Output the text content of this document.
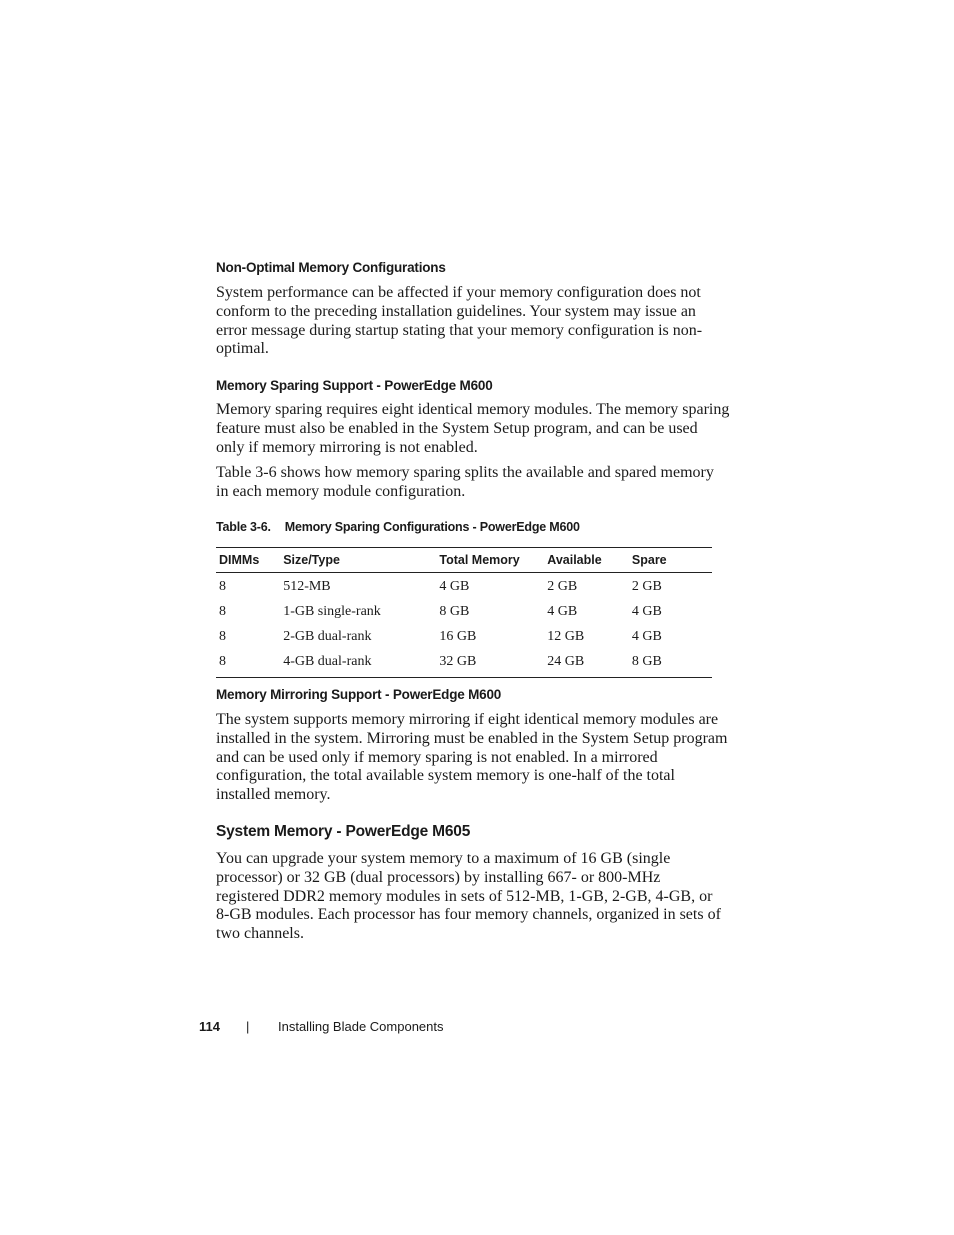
Non-Optimal Memory Configurations
System performance can be affected if your memory configuration does not
conform to the preceding installation guidelines. Your system may issue an
error message during startup stating that your memory configuration is non-
optimal.
Memory Sparing Support - PowerEdge M600
Memory sparing requires eight identical memory modules. The memory sparing
feature must also be enabled in the System Setup program, and can be used
only if memory mirroring is not enabled.
Table 3-6 shows how memory sparing splits the available and spared memory
in each memory module configuration.

Table 3-6. Memory Sparing Configurations - PowerEdge M600

DIMMs	Size/Type	Total Memory	Available	Spare
8	512-MB	4 GB	2 GB	2 GB
8	1-GB single-rank	8 GB	4 GB	4 GB
8	2-GB dual-rank	16 GB	12 GB	4 GB
8	4-GB dual-rank	32 GB	24 GB	8 GB
Memory Mirroring Support - PowerEdge M600
The system supports memory mirroring if eight identical memory modules are
installed in the system. Mirroring must be enabled in the System Setup program
and can be used only if memory sparing is not enabled. In a mirrored
configuration, the total available system memory is one-half of the total
installed memory.
System Memory - PowerEdge M605
You can upgrade your system memory to a maximum of 16 GB (single
processor) or 32 GB (dual processors) by installing 667- or 800-MHz
registered DDR2 memory modules in sets of 512-MB, 1-GB, 2-GB, 4-GB, or
8-GB modules. Each processor has four memory channels, organized in sets of
two channels.
114 | Installing Blade Components
